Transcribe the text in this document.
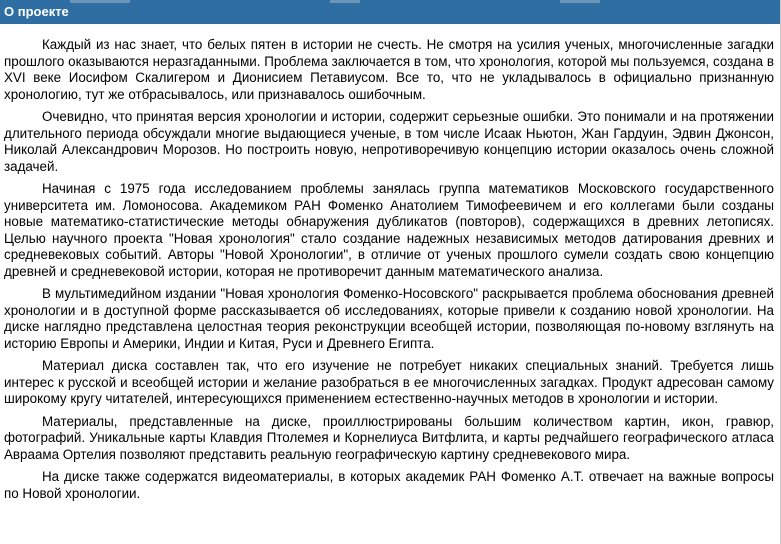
О проекте

Каждый из нас знает, что белых пятен в истории не счесть. Не смотря на усилия ученых, многочисленные загадки прошлого оказываются неразгаданными. Проблема заключается в том, что хронология, которой мы пользуемся, создана в XVI веке Иосифом Скалигером и Дионисием Петавиусом. Все то, что не укладывалось в официально признанную хронологию, тут же отбрасывалось, или признавалось ошибочным.

Очевидно, что принятая версия хронологии и истории, содержит серьезные ошибки. Это понимали и на протяжении длительного периода обсуждали многие выдающиеся ученые, в том числе Исаак Ньютон, Жан Гардуин, Эдвин Джонсон, Николай Александрович Морозов. Но построить новую, непротиворечивую концепцию истории оказалось очень сложной задачей.

Начиная с 1975 года исследованием проблемы занялась группа математиков Московского государственного университета им. Ломоносова. Академиком РАН Фоменко Анатолием Тимофеевичем и его коллегами были созданы новые математико-статистические методы обнаружения дубликатов (повторов), содержащихся в древних летописях. Целью научного проекта "Новая хронология" стало создание надежных независимых методов датирования древних и средневековых событий. Авторы "Новой Хронологии", в отличие от ученых прошлого сумели создать свою концепцию древней и средневековой истории, которая не противоречит данным математического анализа.

В мультимедийном издании "Новая хронология Фоменко-Носовского" раскрывается проблема обоснования древней хронологии и в доступной форме рассказывается об исследованиях, которые привели к созданию новой хронологии. На диске наглядно представлена целостная теория реконструкции всеобщей истории, позволяющая по-новому взглянуть на историю Европы и Америки, Индии и Китая, Руси и Древнего Египта.

Материал диска составлен так, что его изучение не потребует никаких специальных знаний. Требуется лишь интерес к русской и всеобщей истории и желание разобраться в ее многочисленных загадках. Продукт адресован самому широкому кругу читателей, интересующихся применением естественно-научных методов в хронологии и истории.

Материалы, представленные на диске, проиллюстрированы большим количеством картин, икон, гравюр, фотографий. Уникальные карты Клавдия Птолемея и Корнелиуса Витфлита, и карты редчайшего географического атласа Авраама Ортелия позволяют представить реальную географическую картину средневекового мира.

На диске также содержатся видеоматериалы, в которых академик РАН Фоменко А.Т. отвечает на важные вопросы по Новой хронологии.
